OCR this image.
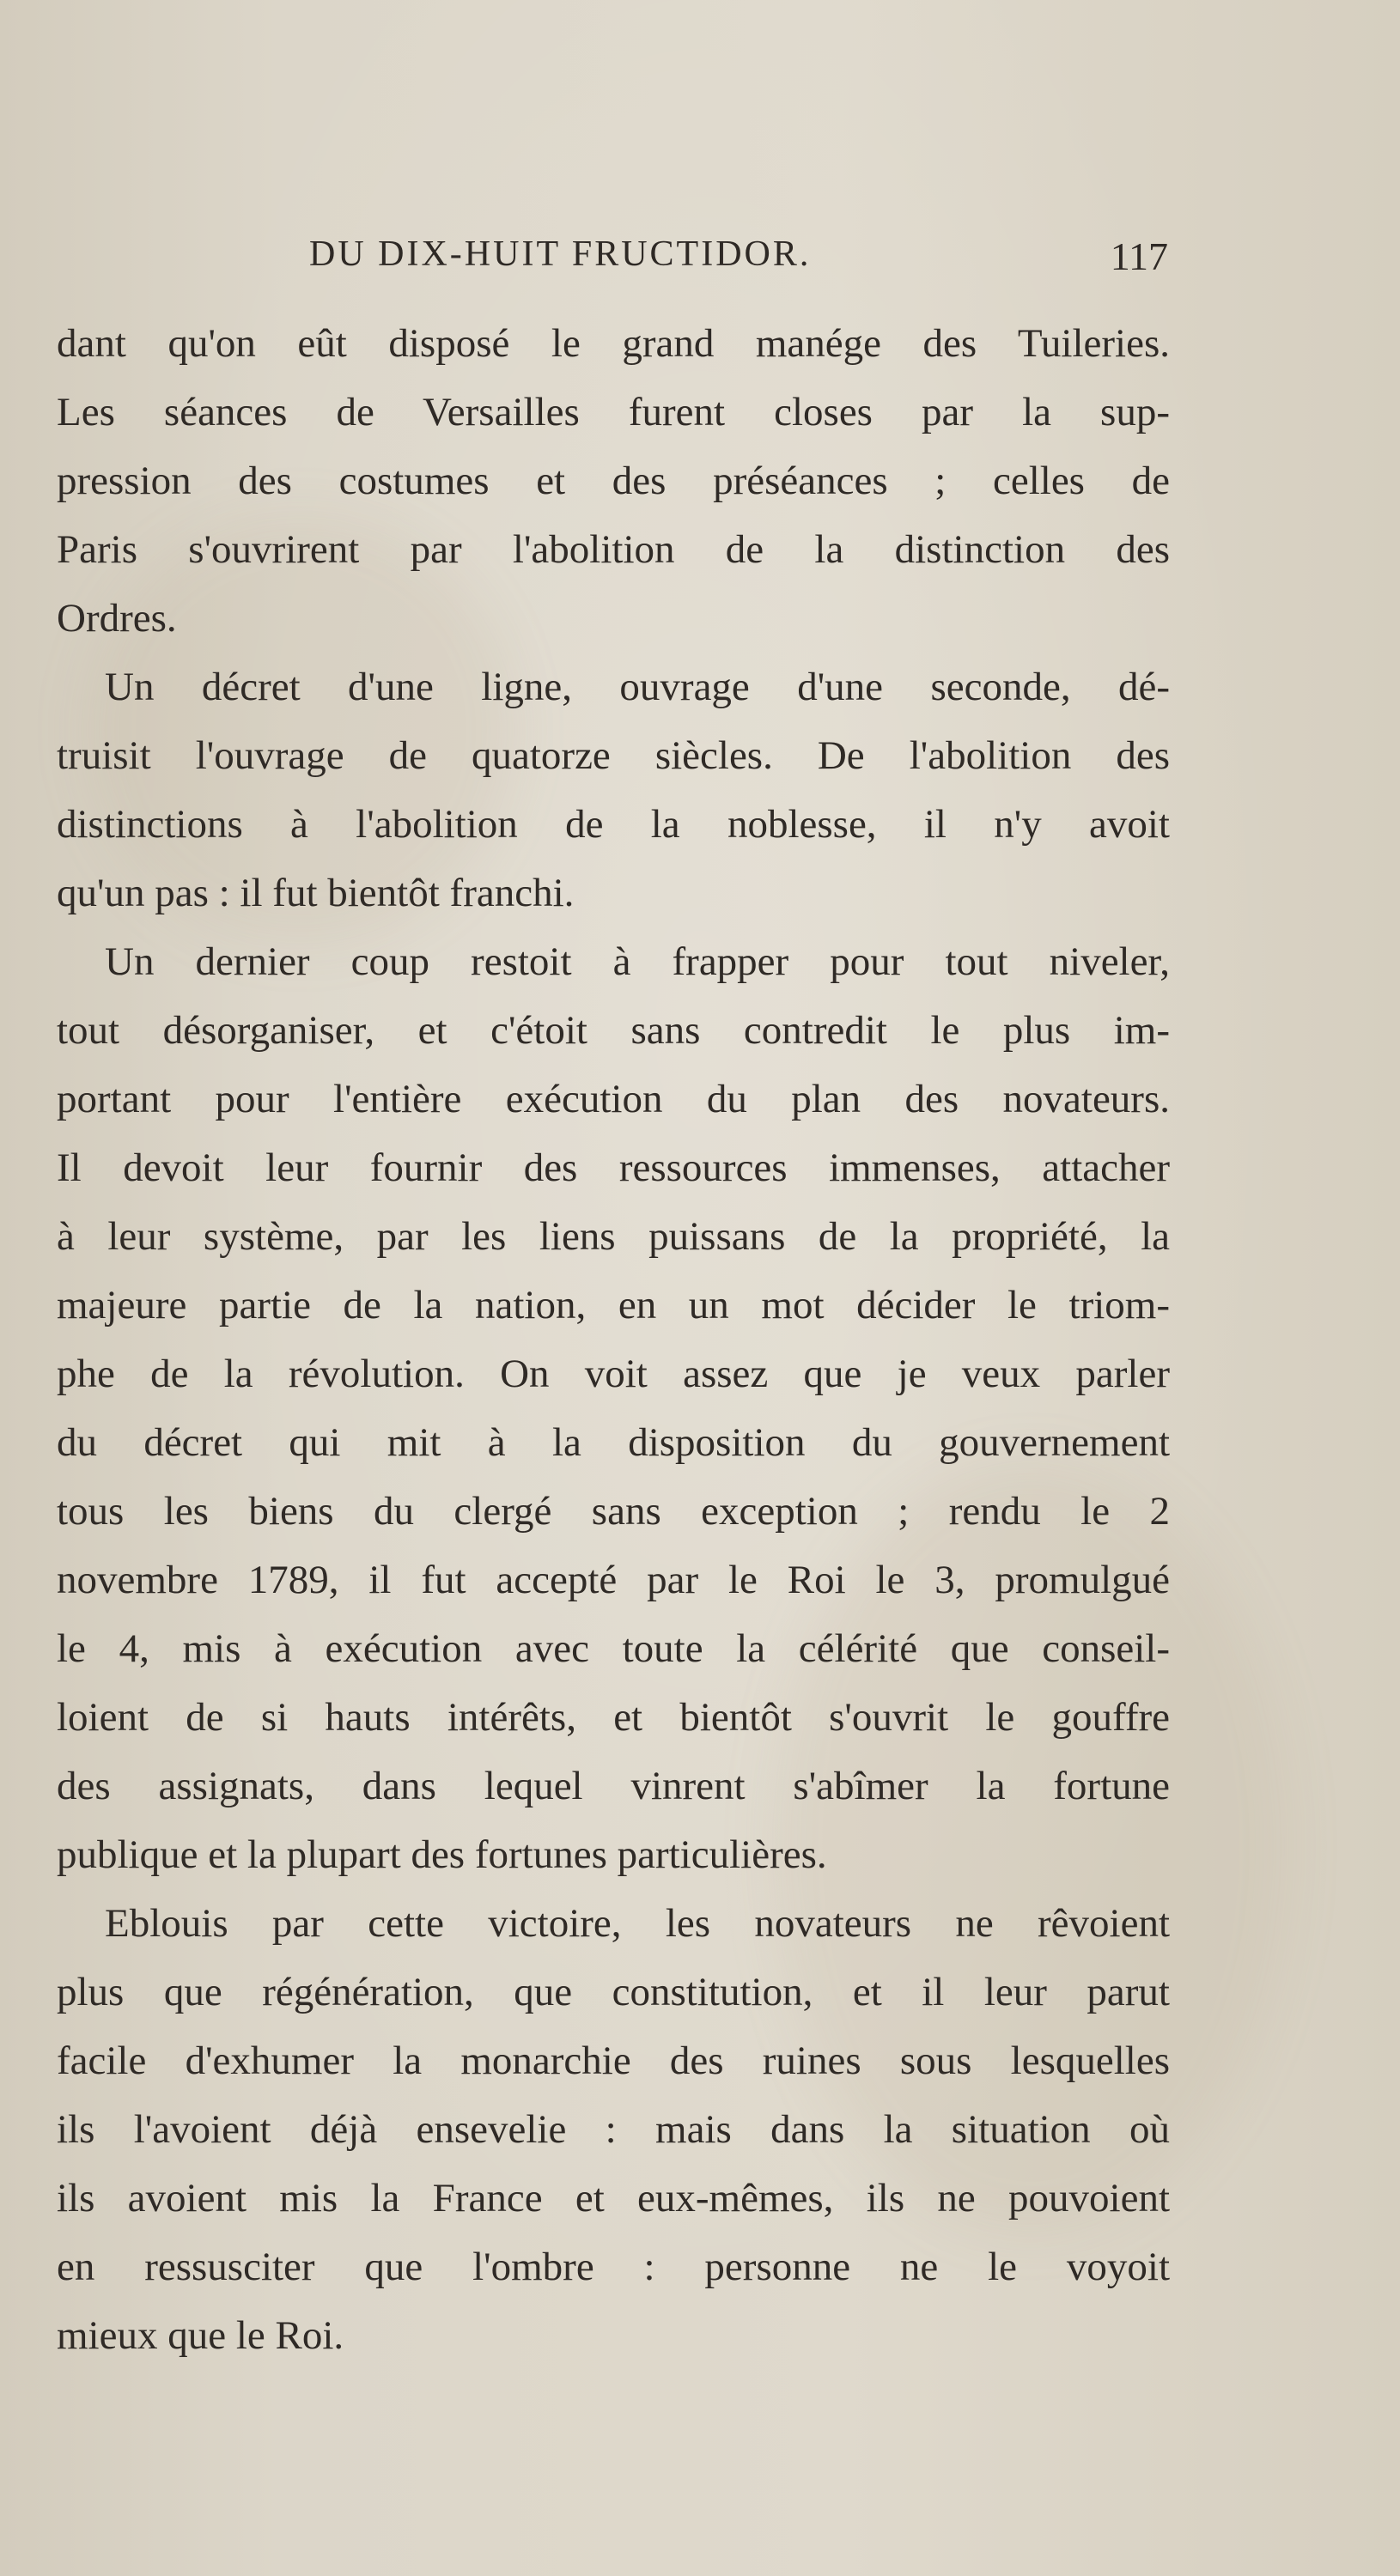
DU DIX-HUIT FRUCTIDOR.	117

dant qu'on eût disposé le grand manége des Tuileries.
Les séances de Versailles furent closes par la sup-
pression des costumes et des préséances ; celles de
Paris s'ouvrirent par l'abolition de la distinction des
Ordres.

Un décret d'une ligne, ouvrage d'une seconde, dé-
truisit l'ouvrage de quatorze siècles. De l'abolition des
distinctions à l'abolition de la noblesse, il n'y avoit
qu'un pas : il fut bientôt franchi.

Un dernier coup restoit à frapper pour tout niveler,
tout désorganiser, et c'étoit sans contredit le plus im-
portant pour l'entière exécution du plan des novateurs.
Il devoit leur fournir des ressources immenses, attacher
à leur système, par les liens puissans de la propriété, la
majeure partie de la nation, en un mot décider le triom-
phe de la révolution. On voit assez que je veux parler
du décret qui mit à la disposition du gouvernement
tous les biens du clergé sans exception ; rendu le 2
novembre 1789, il fut accepté par le Roi le 3, promulgué
le 4, mis à exécution avec toute la célérité que conseil-
loient de si hauts intérêts, et bientôt s'ouvrit le gouffre
des assignats, dans lequel vinrent s'abîmer la fortune
publique et la plupart des fortunes particulières.

Eblouis par cette victoire, les novateurs ne rêvoient
plus que régénération, que constitution, et il leur parut
facile d'exhumer la monarchie des ruines sous lesquelles
ils l'avoient déjà ensevelie : mais dans la situation où
ils avoient mis la France et eux-mêmes, ils ne pouvoient
en ressusciter que l'ombre : personne ne le voyoit
mieux que le Roi.
